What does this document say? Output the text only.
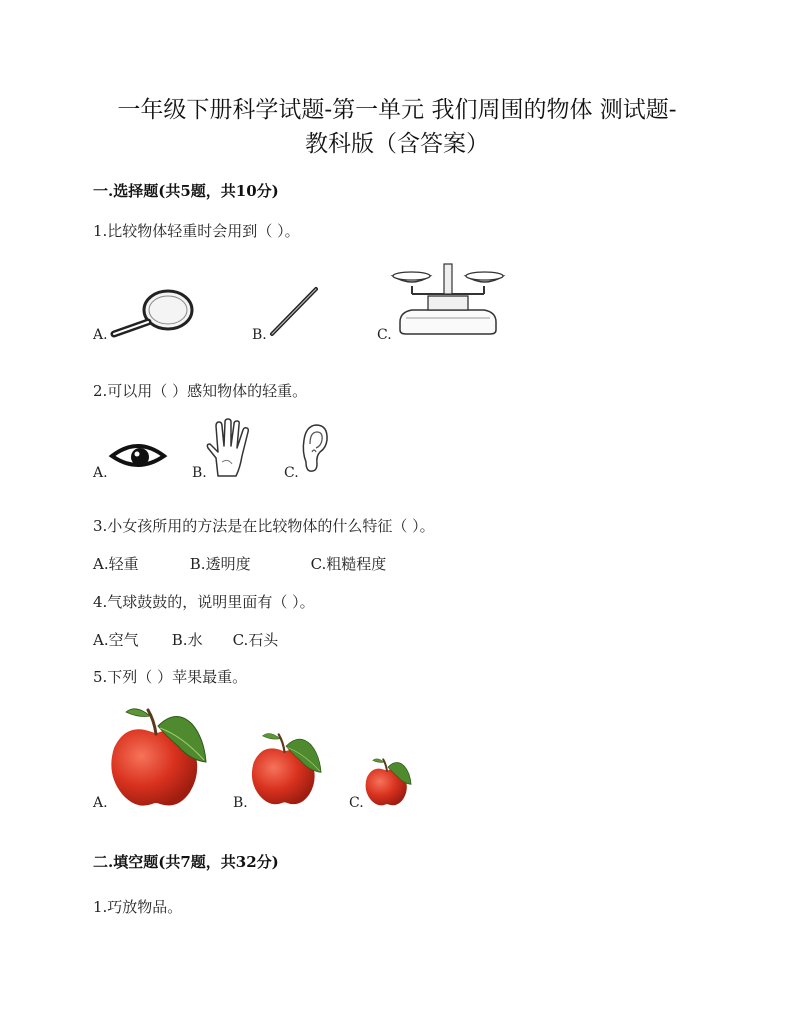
一年级下册科学试题-第一单元 我们周围的物体 测试题-
教科版（含答案）
一.选择题(共5题，共10分)
1.比较物体轻重时会用到（ ）。
A.	B.	C.
2.可以用（ ）感知物体的轻重。
A.	B.	C.
3.小女孩所用的方法是在比较物体的什么特征（ ）。
A.轻重	B.透明度	C.粗糙程度
4.气球鼓鼓的，说明里面有（ ）。
A.空气 B.水 C.石头
5.下列（ ）苹果最重。
A.	B.	C.
二.填空题(共7题，共32分)
1.巧放物品。
